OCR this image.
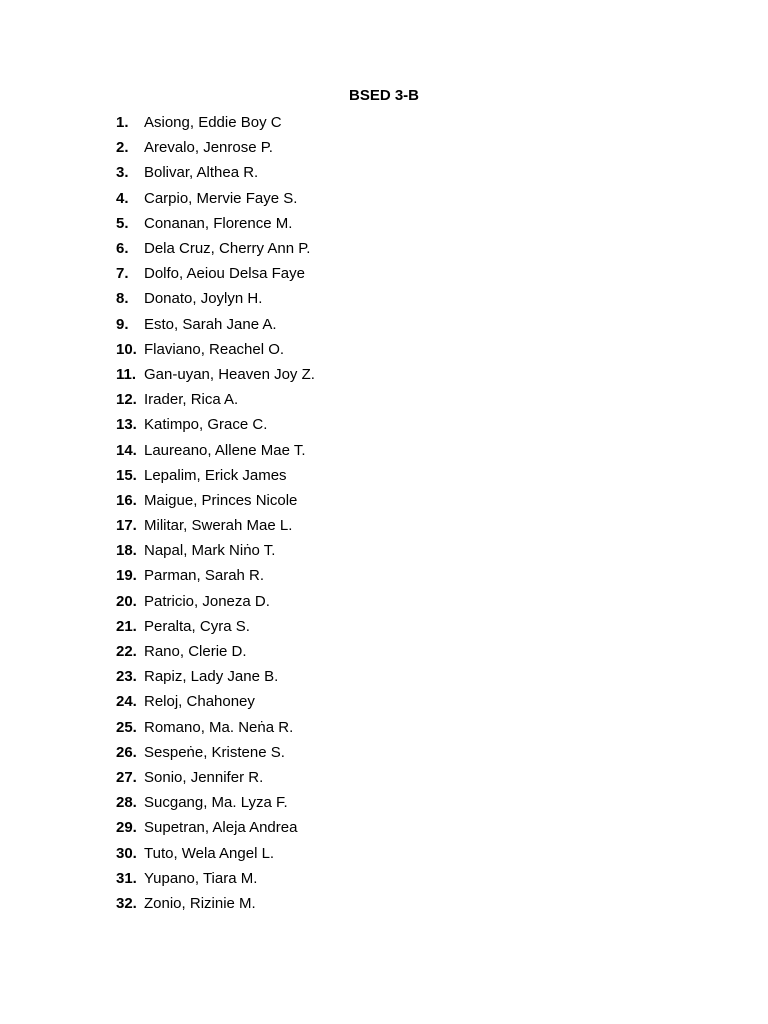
BSED 3-B
1.	Asiong, Eddie Boy C
2.	Arevalo, Jenrose P.
3.	Bolivar, Althea R.
4.	Carpio, Mervie Faye S.
5.	Conanan, Florence M.
6.	Dela Cruz, Cherry Ann P.
7.	Dolfo, Aeiou Delsa Faye
8.	Donato, Joylyn H.
9.	Esto, Sarah Jane A.
10. Flaviano, Reachel O.
11. Gan-uyan, Heaven Joy Z.
12. Irader, Rica A.
13. Katimpo, Grace C.
14. Laureano, Allene Mae T.
15. Lepalim, Erick James
16. Maigue, Princes Nicole
17. Militar, Swerah Mae L.
18. Napal, Mark Niṅo T.
19. Parman, Sarah R.
20. Patricio, Joneza D.
21. Peralta, Cyra S.
22. Rano, Clerie D.
23. Rapiz, Lady Jane B.
24. Reloj, Chahoney
25. Romano, Ma. Neṅa R.
26. Sespeṅe, Kristene S.
27. Sonio, Jennifer R.
28. Sucgang, Ma. Lyza F.
29. Supetran, Aleja Andrea
30. Tuto, Wela Angel L.
31. Yupano, Tiara M.
32. Zonio, Rizinie M.
